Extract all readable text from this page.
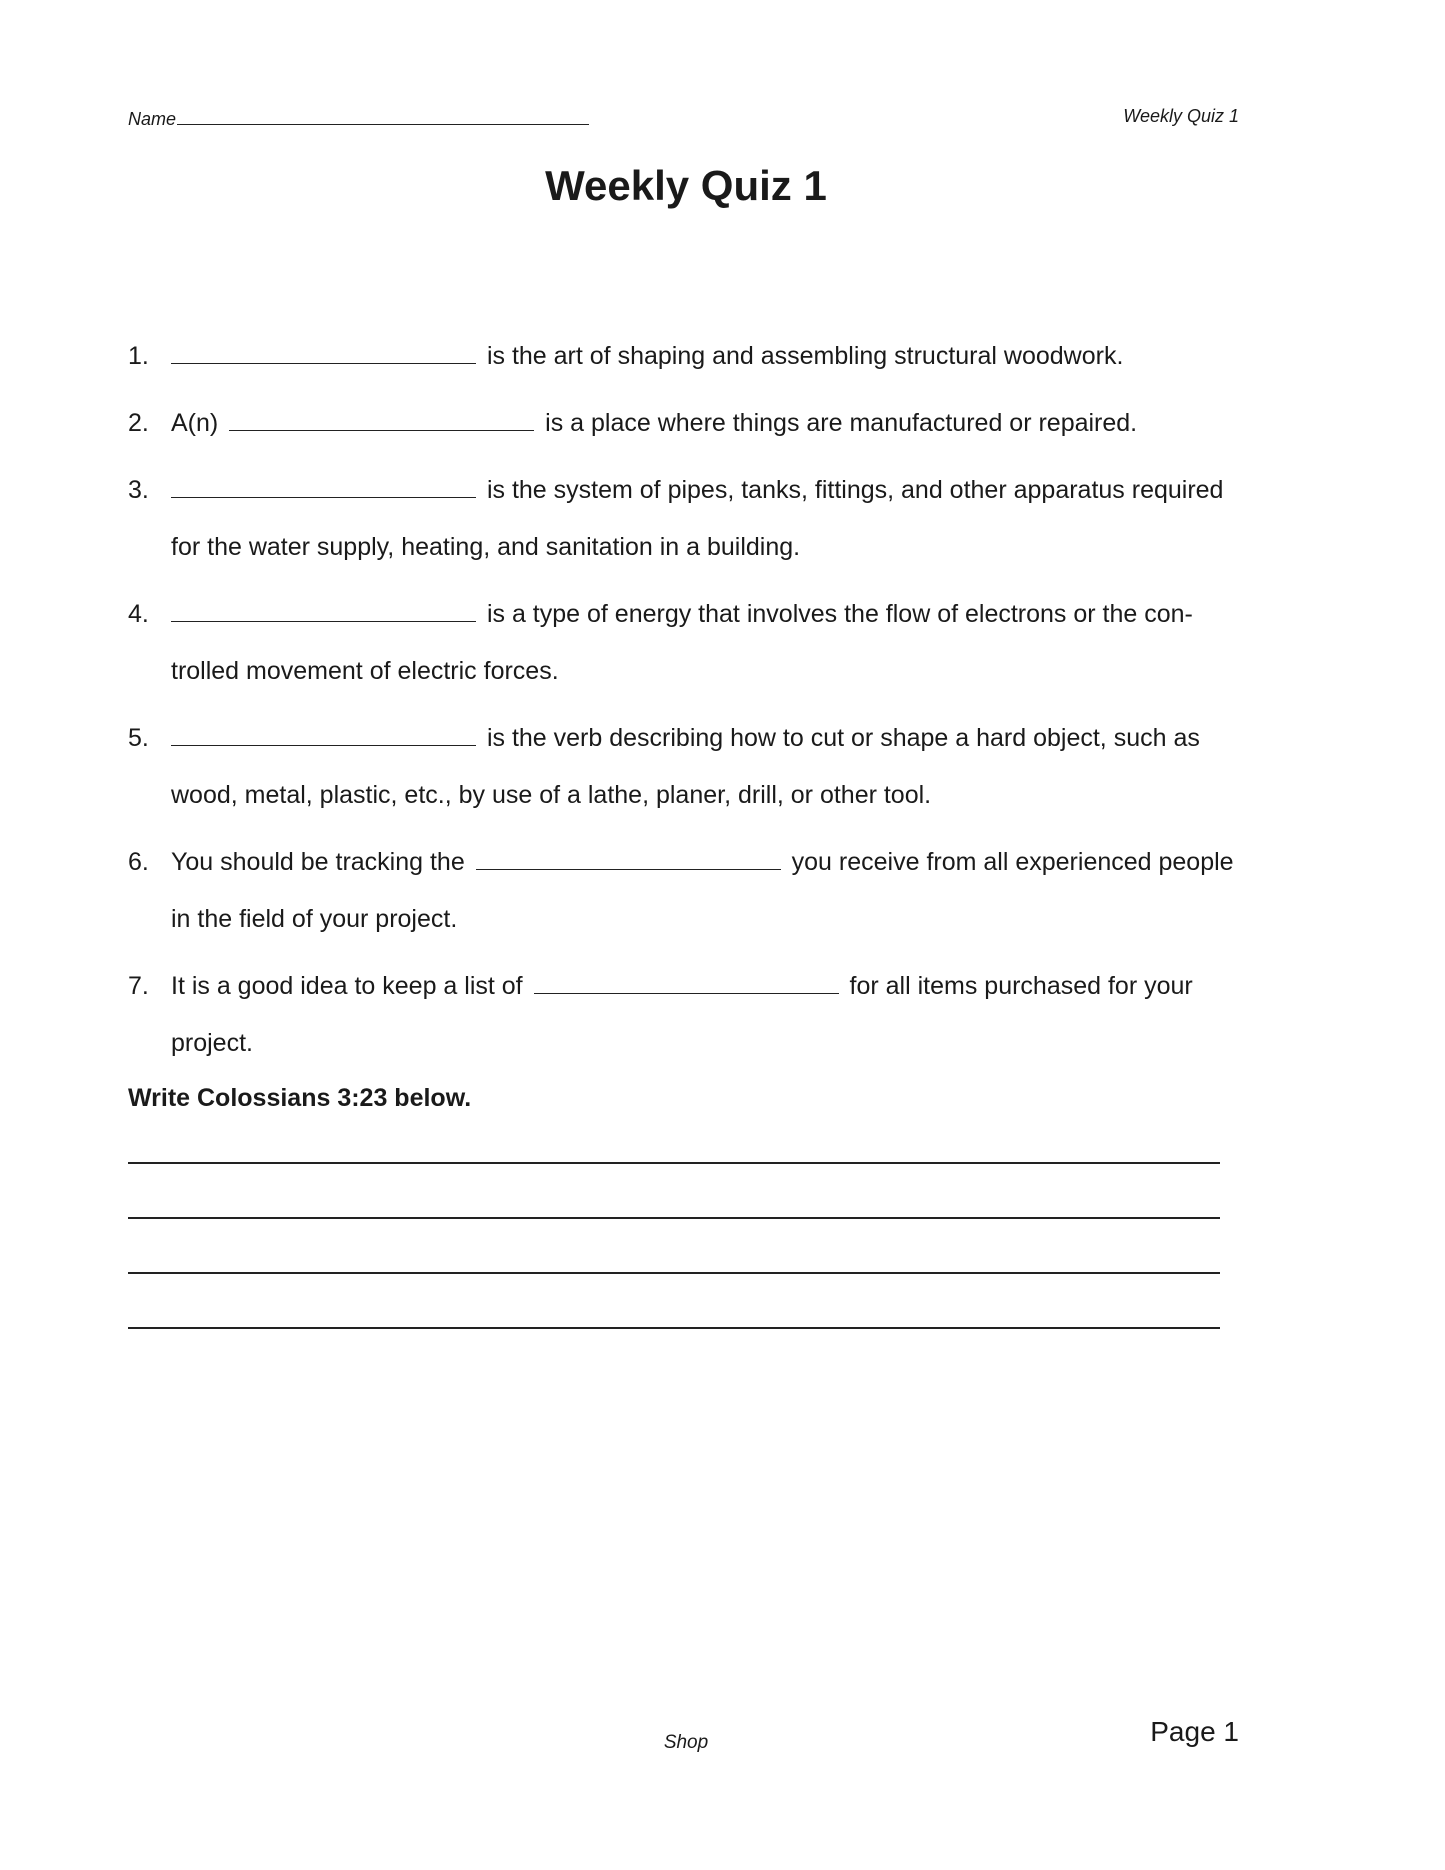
Name	Weekly Quiz 1
Weekly Quiz 1
1.	is the art of shaping and assembling structural woodwork.
2. A(n)	is a place where things are manufactured or repaired.
3.	is the system of pipes, tanks, fittings, and other apparatus required for the water supply, heating, and sanitation in a building.
4.	is a type of energy that involves the flow of electrons or the con-trolled movement of electric forces.
5.	is the verb describing how to cut or shape a hard object, such as wood, metal, plastic, etc., by use of a lathe, planer, drill, or other tool.
6. You should be tracking the	you receive from all experienced people in the field of your project.
7. It is a good idea to keep a list of	for all items purchased for your project.

Write Colossians 3:23 below.

Shop	Page 1
